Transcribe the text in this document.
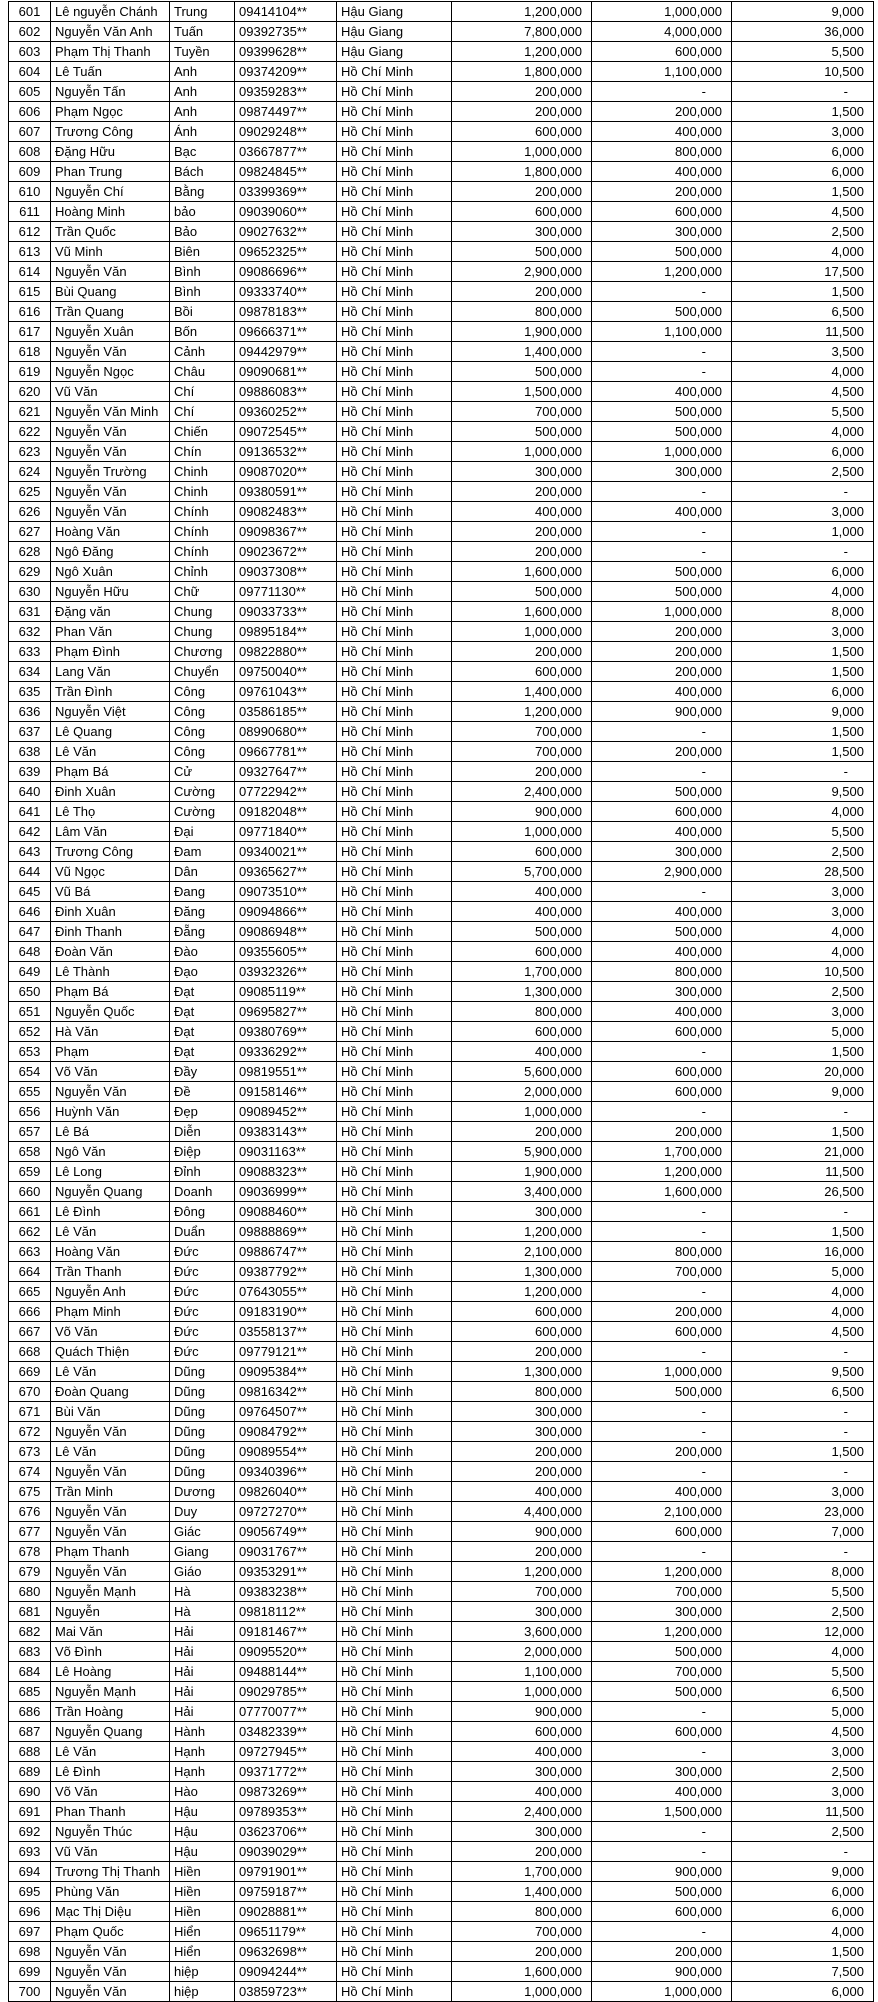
601	Lê nguyễn Chánh	Trung	09414104**	Hậu Giang	1,200,000	1,000,000	9,000
602	Nguyễn Văn Anh	Tuấn	09392735**	Hậu Giang	7,800,000	4,000,000	36,000
603	Phạm Thị Thanh	Tuyền	09399628**	Hậu Giang	1,200,000	600,000	5,500
604	Lê Tuấn	Anh	09374209**	Hồ Chí Minh	1,800,000	1,100,000	10,500
605	Nguyễn Tấn	Anh	09359283**	Hồ Chí Minh	200,000	-	-
606	Phạm Ngọc	Anh	09874497**	Hồ Chí Minh	200,000	200,000	1,500
607	Trương Công	Ánh	09029248**	Hồ Chí Minh	600,000	400,000	3,000
608	Đặng Hữu	Bạc	03667877**	Hồ Chí Minh	1,000,000	800,000	6,000
609	Phan Trung	Bách	09824845**	Hồ Chí Minh	1,800,000	400,000	6,000
610	Nguyễn Chí	Bằng	03399369**	Hồ Chí Minh	200,000	200,000	1,500
611	Hoàng Minh	bảo	09039060**	Hồ Chí Minh	600,000	600,000	4,500
612	Trần Quốc	Bảo	09027632**	Hồ Chí Minh	300,000	300,000	2,500
613	Vũ Minh	Biên	09652325**	Hồ Chí Minh	500,000	500,000	4,000
614	Nguyễn Văn	Bình	09086696**	Hồ Chí Minh	2,900,000	1,200,000	17,500
615	Bùi Quang	Bình	09333740**	Hồ Chí Minh	200,000	-	1,500
616	Trần Quang	Bồi	09878183**	Hồ Chí Minh	800,000	500,000	6,500
617	Nguyễn Xuân	Bốn	09666371**	Hồ Chí Minh	1,900,000	1,100,000	11,500
618	Nguyễn Văn	Cảnh	09442979**	Hồ Chí Minh	1,400,000	-	3,500
619	Nguyễn Ngọc	Châu	09090681**	Hồ Chí Minh	500,000	-	4,000
620	Vũ Văn	Chí	09886083**	Hồ Chí Minh	1,500,000	400,000	4,500
621	Nguyễn Văn Minh	Chí	09360252**	Hồ Chí Minh	700,000	500,000	5,500
622	Nguyễn Văn	Chiến	09072545**	Hồ Chí Minh	500,000	500,000	4,000
623	Nguyễn Văn	Chín	09136532**	Hồ Chí Minh	1,000,000	1,000,000	6,000
624	Nguyễn Trường	Chinh	09087020**	Hồ Chí Minh	300,000	300,000	2,500
625	Nguyễn Văn	Chinh	09380591**	Hồ Chí Minh	200,000	-	-
626	Nguyễn Văn	Chính	09082483**	Hồ Chí Minh	400,000	400,000	3,000
627	Hoàng Văn	Chính	09098367**	Hồ Chí Minh	200,000	-	1,000
628	Ngô Đăng	Chính	09023672**	Hồ Chí Minh	200,000	-	-
629	Ngô Xuân	Chỉnh	09037308**	Hồ Chí Minh	1,600,000	500,000	6,000
630	Nguyễn Hữu	Chữ	09771130**	Hồ Chí Minh	500,000	500,000	4,000
631	Đặng văn	Chung	09033733**	Hồ Chí Minh	1,600,000	1,000,000	8,000
632	Phan Văn	Chung	09895184**	Hồ Chí Minh	1,000,000	200,000	3,000
633	Phạm Đình	Chương	09822880**	Hồ Chí Minh	200,000	200,000	1,500
634	Lang Văn	Chuyển	09750040**	Hồ Chí Minh	600,000	200,000	1,500
635	Trần Đình	Công	09761043**	Hồ Chí Minh	1,400,000	400,000	6,000
636	Nguyễn Việt	Công	03586185**	Hồ Chí Minh	1,200,000	900,000	9,000
637	Lê Quang	Công	08990680**	Hồ Chí Minh	700,000	-	1,500
638	Lê Văn	Công	09667781**	Hồ Chí Minh	700,000	200,000	1,500
639	Phạm Bá	Cử	09327647**	Hồ Chí Minh	200,000	-	-
640	Đinh Xuân	Cường	07722942**	Hồ Chí Minh	2,400,000	500,000	9,500
641	Lê Thọ	Cường	09182048**	Hồ Chí Minh	900,000	600,000	4,000
642	Lâm Văn	Đại	09771840**	Hồ Chí Minh	1,000,000	400,000	5,500
643	Trương Công	Đam	09340021**	Hồ Chí Minh	600,000	300,000	2,500
644	Vũ Ngọc	Dân	09365627**	Hồ Chí Minh	5,700,000	2,900,000	28,500
645	Vũ Bá	Đang	09073510**	Hồ Chí Minh	400,000	-	3,000
646	Đinh Xuân	Đăng	09094866**	Hồ Chí Minh	400,000	400,000	3,000
647	Đinh Thanh	Đẵng	09086948**	Hồ Chí Minh	500,000	500,000	4,000
648	Đoàn Văn	Đào	09355605**	Hồ Chí Minh	600,000	400,000	4,000
649	Lê Thành	Đạo	03932326**	Hồ Chí Minh	1,700,000	800,000	10,500
650	Phạm Bá	Đạt	09085119**	Hồ Chí Minh	1,300,000	300,000	2,500
651	Nguyễn Quốc	Đạt	09695827**	Hồ Chí Minh	800,000	400,000	3,000
652	Hà Văn	Đạt	09380769**	Hồ Chí Minh	600,000	600,000	5,000
653	Phạm	Đạt	09336292**	Hồ Chí Minh	400,000	-	1,500
654	Võ Văn	Đầy	09819551**	Hồ Chí Minh	5,600,000	600,000	20,000
655	Nguyễn Văn	Đề	09158146**	Hồ Chí Minh	2,000,000	600,000	9,000
656	Huỳnh Văn	Đẹp	09089452**	Hồ Chí Minh	1,000,000	-	-
657	Lê Bá	Diễn	09383143**	Hồ Chí Minh	200,000	200,000	1,500
658	Ngô Văn	Điệp	09031163**	Hồ Chí Minh	5,900,000	1,700,000	21,000
659	Lê Long	Đỉnh	09088323**	Hồ Chí Minh	1,900,000	1,200,000	11,500
660	Nguyễn Quang	Doanh	09036999**	Hồ Chí Minh	3,400,000	1,600,000	26,500
661	Lê Đình	Đông	09088460**	Hồ Chí Minh	300,000	-	-
662	Lê Văn	Duẩn	09888869**	Hồ Chí Minh	1,200,000	-	1,500
663	Hoàng Văn	Đức	09886747**	Hồ Chí Minh	2,100,000	800,000	16,000
664	Trần Thanh	Đức	09387792**	Hồ Chí Minh	1,300,000	700,000	5,000
665	Nguyễn Anh	Đức	07643055**	Hồ Chí Minh	1,200,000	-	4,000
666	Phạm Minh	Đức	09183190**	Hồ Chí Minh	600,000	200,000	4,000
667	Võ Văn	Đức	03558137**	Hồ Chí Minh	600,000	600,000	4,500
668	Quách Thiện	Đức	09779121**	Hồ Chí Minh	200,000	-	-
669	Lê Văn	Dũng	09095384**	Hồ Chí Minh	1,300,000	1,000,000	9,500
670	Đoàn Quang	Dũng	09816342**	Hồ Chí Minh	800,000	500,000	6,500
671	Bùi Văn	Dũng	09764507**	Hồ Chí Minh	300,000	-	-
672	Nguyễn Văn	Dũng	09084792**	Hồ Chí Minh	300,000	-	-
673	Lê Văn	Dũng	09089554**	Hồ Chí Minh	200,000	200,000	1,500
674	Nguyễn Văn	Dũng	09340396**	Hồ Chí Minh	200,000	-	-
675	Trần Minh	Dương	09826040**	Hồ Chí Minh	400,000	400,000	3,000
676	Nguyễn Văn	Duy	09727270**	Hồ Chí Minh	4,400,000	2,100,000	23,000
677	Nguyễn Văn	Giác	09056749**	Hồ Chí Minh	900,000	600,000	7,000
678	Phạm Thanh	Giang	09031767**	Hồ Chí Minh	200,000	-	-
679	Nguyễn Văn	Giáo	09353291**	Hồ Chí Minh	1,200,000	1,200,000	8,000
680	Nguyễn Mạnh	Hà	09383238**	Hồ Chí Minh	700,000	700,000	5,500
681	Nguyễn	Hà	09818112**	Hồ Chí Minh	300,000	300,000	2,500
682	Mai Văn	Hải	09181467**	Hồ Chí Minh	3,600,000	1,200,000	12,000
683	Võ Đình	Hải	09095520**	Hồ Chí Minh	2,000,000	500,000	4,000
684	Lê Hoàng	Hải	09488144**	Hồ Chí Minh	1,100,000	700,000	5,500
685	Nguyễn Mạnh	Hải	09029785**	Hồ Chí Minh	1,000,000	500,000	6,500
686	Trần Hoàng	Hải	07770077**	Hồ Chí Minh	900,000	-	5,000
687	Nguyễn Quang	Hành	03482339**	Hồ Chí Minh	600,000	600,000	4,500
688	Lê Văn	Hạnh	09727945**	Hồ Chí Minh	400,000	-	3,000
689	Lê Đình	Hạnh	09371772**	Hồ Chí Minh	300,000	300,000	2,500
690	Võ Văn	Hào	09873269**	Hồ Chí Minh	400,000	400,000	3,000
691	Phan Thanh	Hậu	09789353**	Hồ Chí Minh	2,400,000	1,500,000	11,500
692	Nguyễn Thúc	Hậu	03623706**	Hồ Chí Minh	300,000	-	2,500
693	Vũ Văn	Hậu	09039029**	Hồ Chí Minh	200,000	-	-
694	Trương Thị Thanh	Hiền	09791901**	Hồ Chí Minh	1,700,000	900,000	9,000
695	Phùng Văn	Hiền	09759187**	Hồ Chí Minh	1,400,000	500,000	6,000
696	Mạc Thị Diệu	Hiền	09028881**	Hồ Chí Minh	800,000	600,000	6,000
697	Phạm Quốc	Hiển	09651179**	Hồ Chí Minh	700,000	-	4,000
698	Nguyễn Văn	Hiển	09632698**	Hồ Chí Minh	200,000	200,000	1,500
699	Nguyễn Văn	hiệp	09094244**	Hồ Chí Minh	1,600,000	900,000	7,500
700	Nguyễn Văn	hiệp	03859723**	Hồ Chí Minh	1,000,000	1,000,000	6,000
